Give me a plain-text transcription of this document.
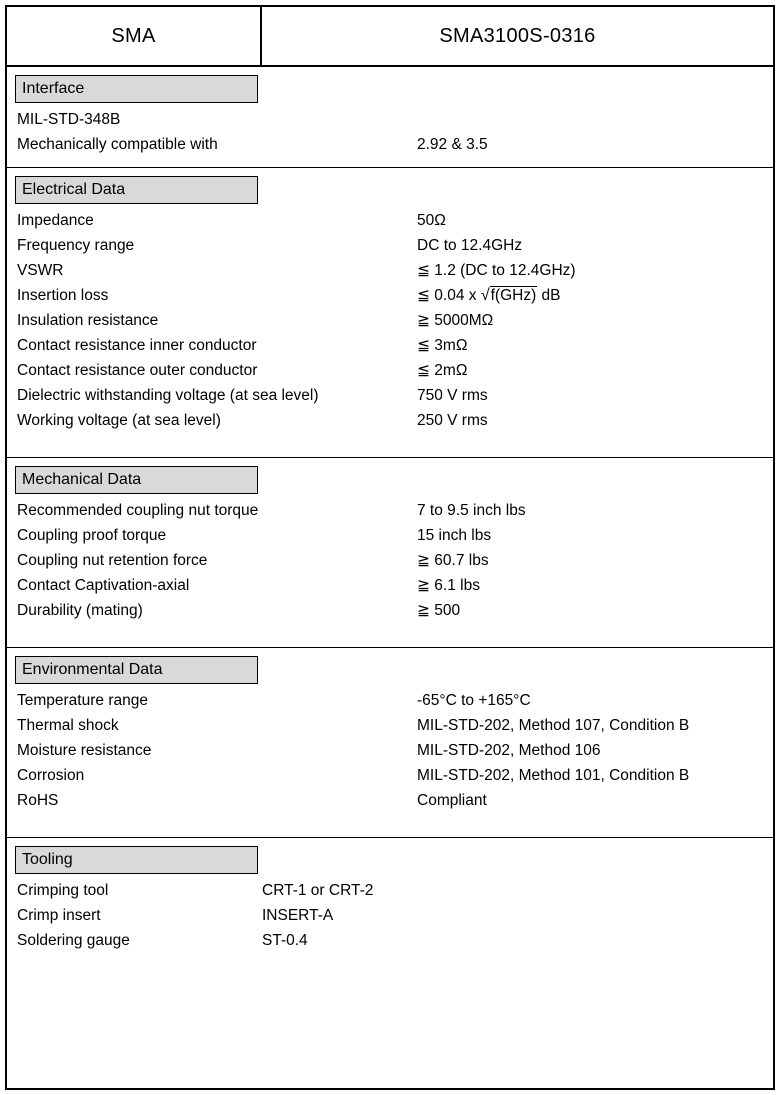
SMA	SMA3100S-0316
Interface
MIL-STD-348B
Mechanically compatible with	2.92 & 3.5
Electrical Data
Impedance	50Ω
Frequency range	DC to 12.4GHz
VSWR	≦ 1.2 (DC to 12.4GHz)
Insertion loss	≦ 0.04 x √f(GHz) dB
Insulation resistance	≧ 5000MΩ
Contact resistance inner conductor	≦ 3mΩ
Contact resistance outer conductor	≦ 2mΩ
Dielectric withstanding voltage (at sea level)	750 V rms
Working voltage (at sea level)	250 V rms
Mechanical Data
Recommended coupling nut torque	7 to 9.5 inch lbs
Coupling proof torque	15 inch lbs
Coupling nut retention force	≧ 60.7 lbs
Contact Captivation-axial	≧ 6.1 lbs
Durability (mating)	≧ 500
Environmental Data
Temperature range	-65°C to +165°C
Thermal shock	MIL-STD-202, Method 107, Condition B
Moisture resistance	MIL-STD-202, Method 106
Corrosion	MIL-STD-202, Method 101, Condition B
RoHS	Compliant
Tooling
Crimping tool	CRT-1 or CRT-2
Crimp insert	INSERT-A
Soldering gauge	ST-0.4
